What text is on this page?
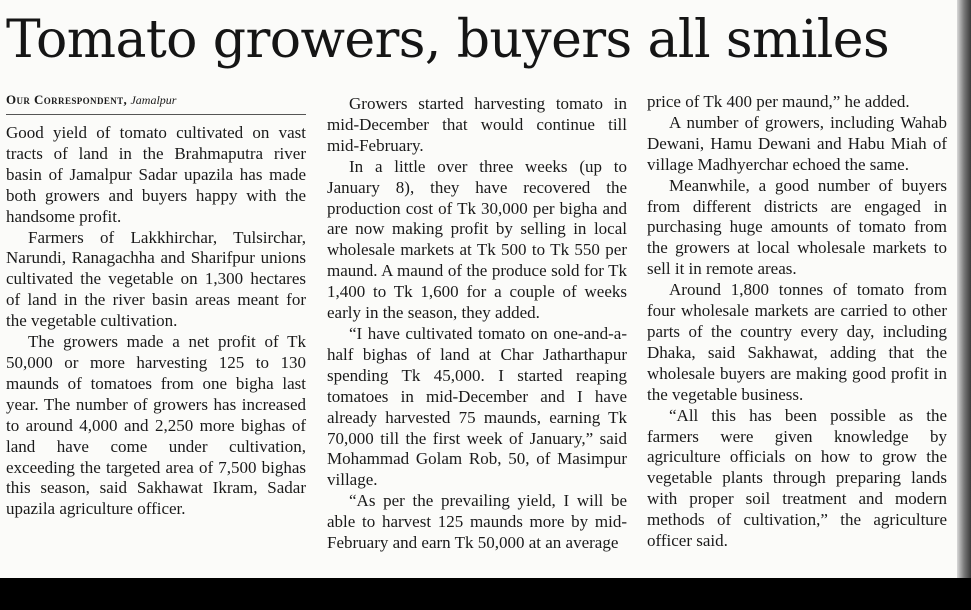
Tomato growers, buyers all smiles
Our Correspondent, Jamalpur

Good yield of tomato cultivated on vast tracts of land in the Brahmaputra river basin of Jamalpur Sadar upazila has made both growers and buyers happy with the handsome profit.

Farmers of Lakkhirchar, Tulsirchar, Narundi, Ranagachha and Sharifpur unions cultivated the vegetable on 1,300 hectares of land in the river basin areas meant for the vegetable cultivation.

The growers made a net profit of Tk 50,000 or more harvesting 125 to 130 maunds of tomatoes from one bigha last year. The number of growers has increased to around 4,000 and 2,250 more bighas of land have come under cultivation, exceeding the targeted area of 7,500 bighas this season, said Sakhawat Ikram, Sadar upazila agriculture officer.

Growers started harvesting tomato in mid-December that would continue till mid-February.

In a little over three weeks (up to January 8), they have recovered the production cost of Tk 30,000 per bigha and are now making profit by selling in local wholesale markets at Tk 500 to Tk 550 per maund. A maund of the produce sold for Tk 1,400 to Tk 1,600 for a couple of weeks early in the season, they added.

“I have cultivated tomato on one-and-a-half bighas of land at Char Jatharthapur spending Tk 45,000. I started reaping tomatoes in mid-December and I have already harvested 75 maunds, earning Tk 70,000 till the first week of January,” said Mohammad Golam Rob, 50, of Masimpur village.

“As per the prevailing yield, I will be able to harvest 125 maunds more by mid-February and earn Tk 50,000 at an average

price of Tk 400 per maund,” he added.

A number of growers, including Wahab Dewani, Hamu Dewani and Habu Miah of village Madhyerchar echoed the same.

Meanwhile, a good number of buyers from different districts are engaged in purchasing huge amounts of tomato from the growers at local wholesale markets to sell it in remote areas.

Around 1,800 tonnes of tomato from four wholesale markets are carried to other parts of the country every day, including Dhaka, said Sakhawat, adding that the wholesale buyers are making good profit in the vegetable business.

“All this has been possible as the farmers were given knowledge by agriculture officials on how to grow the vegetable plants through preparing lands with proper soil treatment and modern methods of cultivation,” the agriculture officer said.
